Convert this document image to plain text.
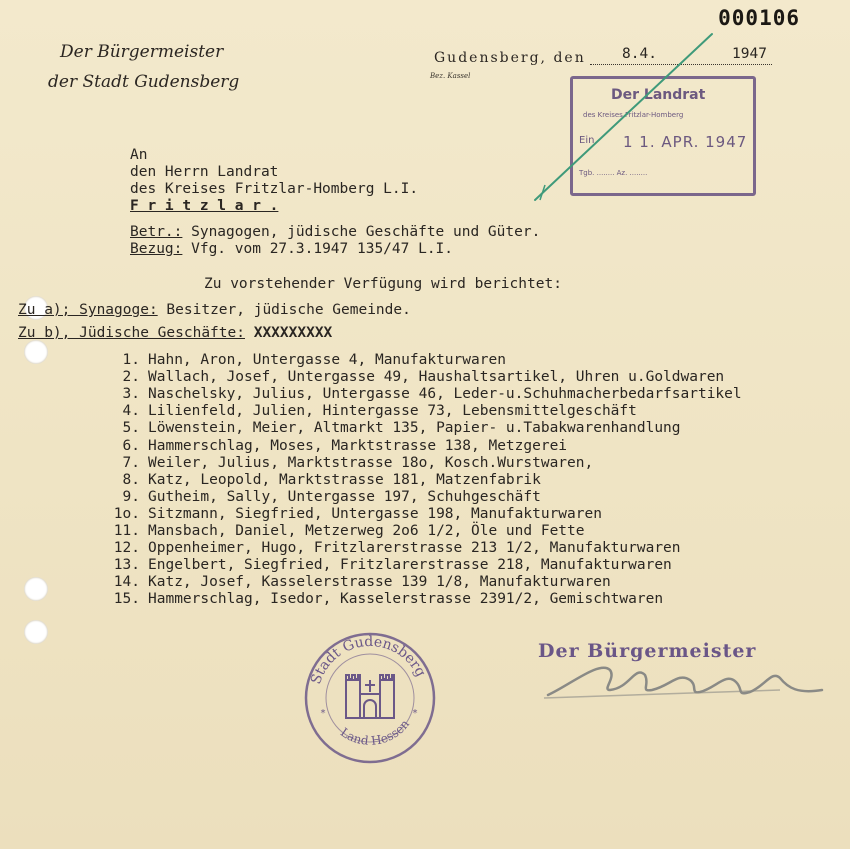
000106
Der Bürgermeister
der Stadt Gudensberg
Gudensberg, den	8.4.	1947
Bez. Kassel
Der Landrat
des Kreises Fritzlar-Homberg
Ein 1 1. APR. 1947
Tgb. ........ Az. ........
An
den Herrn Landrat
des Kreises Fritzlar-Homberg L.I.
F r i t z l a r .
Betr.: Synagogen, jüdische Geschäfte und Güter.
Bezug: Vfg. vom 27.3.1947 135/47 L.I.
Zu vorstehender Verfügung wird berichtet:
Zu a); Synagoge: Besitzer, jüdische Gemeinde.
Zu b), Jüdische Geschäfte: XXXXXXXXX
1. Hahn, Aron, Untergasse 4, Manufakturwaren
2. Wallach, Josef, Untergasse 49, Haushaltsartikel, Uhren u.Goldwaren
3. Naschelsky, Julius, Untergasse 46, Leder-u.Schuhmacherbedarfsartikel
4. Lilienfeld, Julien, Hintergasse 73, Lebensmittelgeschäft
5. Löwenstein, Meier, Altmarkt 135, Papier- u.Tabakwarenhandlung
6. Hammerschlag, Moses, Marktstrasse 138, Metzgerei
7. Weiler, Julius, Marktstrasse 18o, Kosch.Wurstwaren,
8. Katz, Leopold, Marktstrasse 181, Matzenfabrik
9. Gutheim, Sally, Untergasse 197, Schuhgeschäft
1o. Sitzmann, Siegfried, Untergasse 198, Manufakturwaren
11. Mansbach, Daniel, Metzerweg 2o6 1/2, Öle und Fette
12. Oppenheimer, Hugo, Fritzlarerstrasse 213 1/2, Manufakturwaren
13. Engelbert, Siegfried, Fritzlarerstrasse 218, Manufakturwaren
14. Katz, Josef, Kasselerstrasse 139 1/8, Manufakturwaren
15. Hammerschlag, Isedor, Kasselerstrasse 2391/2, Gemischtwaren
Stadt Gudensberg
Land Hessen
*	*
Der Bürgermeister
